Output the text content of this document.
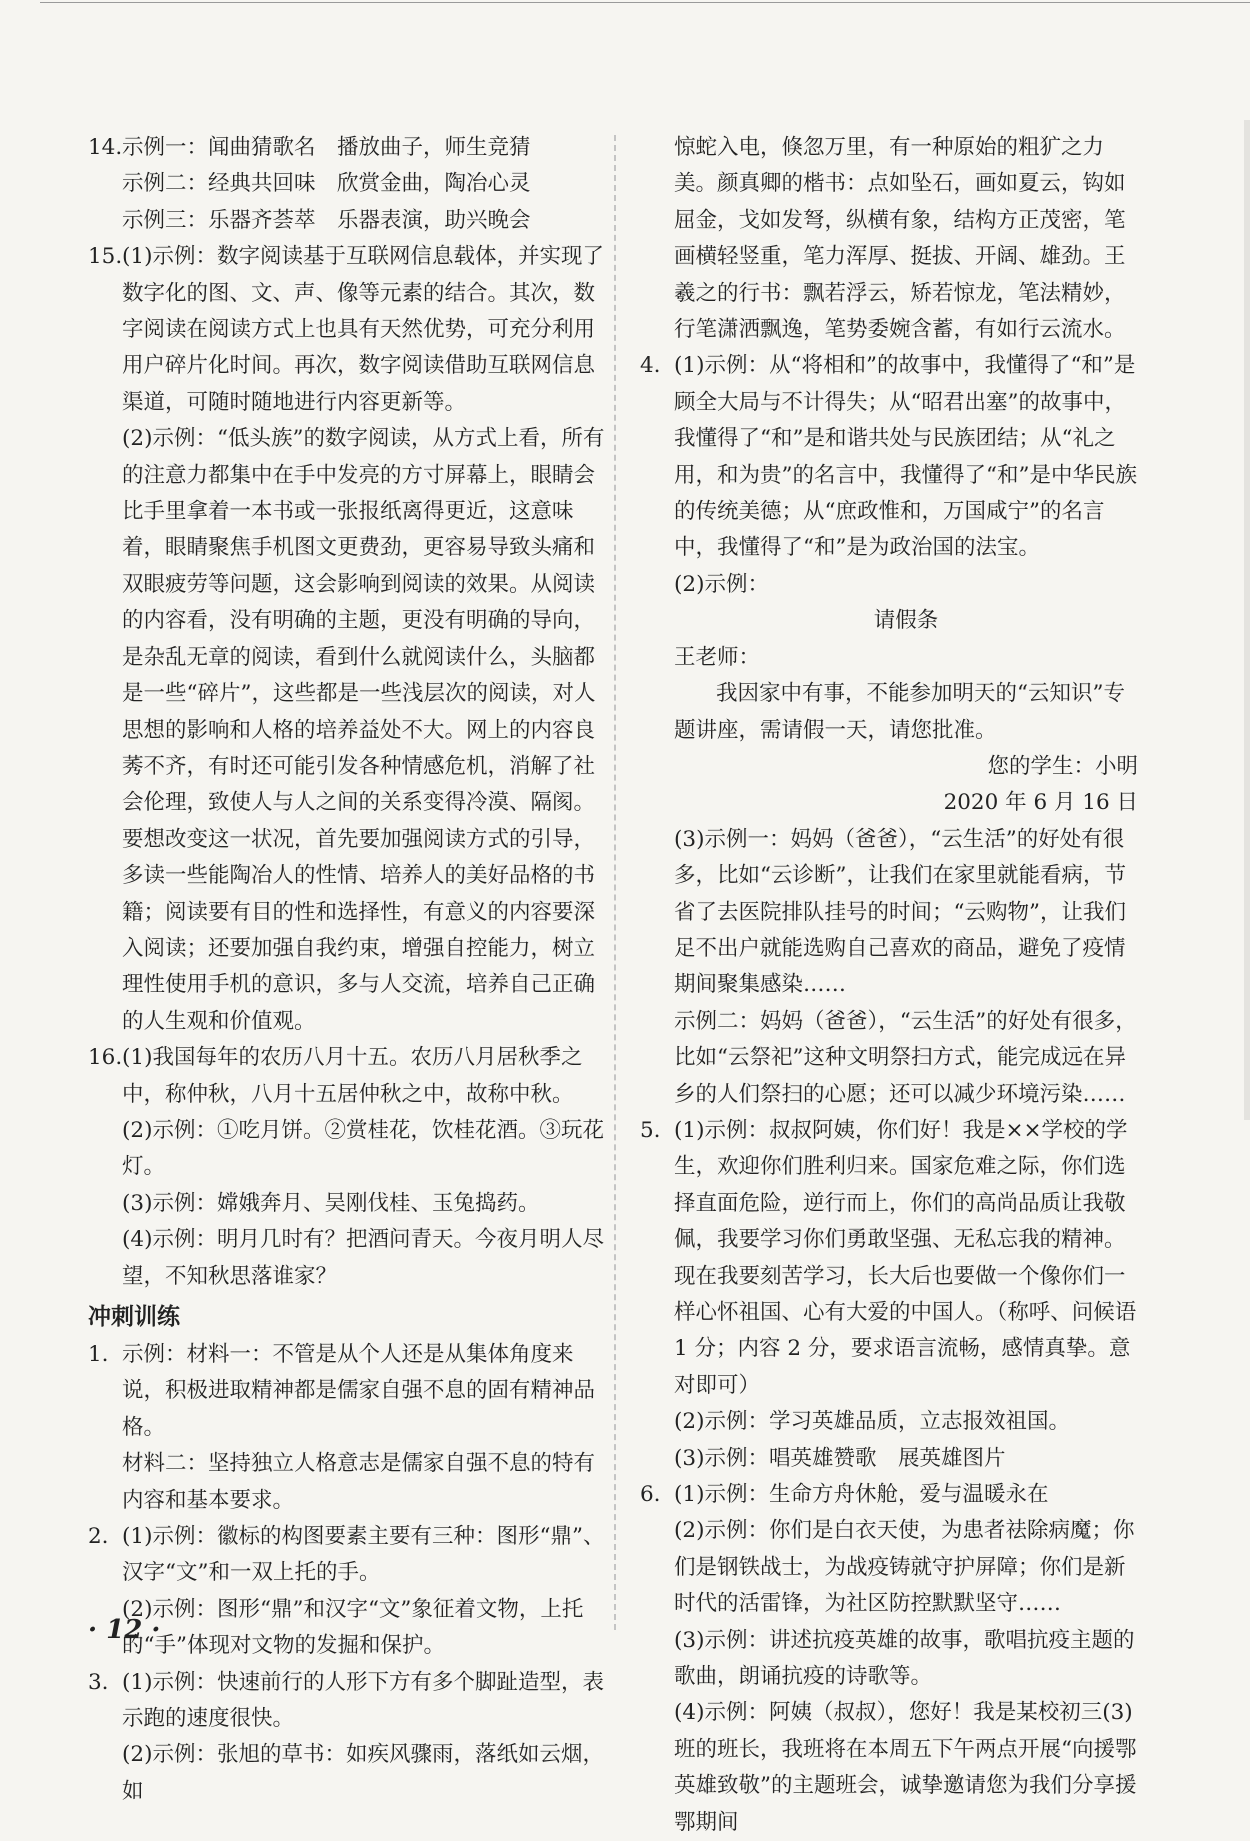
14. 示例一：闻曲猜歌名　播放曲子，师生竞猜
示例二：经典共回味　欣赏金曲，陶冶心灵
示例三：乐器齐荟萃　乐器表演，助兴晚会
15. (1)示例：数字阅读基于互联网信息载体，并实现了
数字化的图、文、声、像等元素的结合。其次，数字阅读在阅读方式上也具有天然优势，可充分利用用户碎片化时间。再次，数字阅读借助互联网信息渠道，可随时随地进行内容更新等。
(2)示例：“低头族”的数字阅读，从方式上看，所有的注意力都集中在手中发亮的方寸屏幕上，眼睛会比手里拿着一本书或一张报纸离得更近，这意味着，眼睛聚焦手机图文更费劲，更容易导致头痛和双眼疲劳等问题，这会影响到阅读的效果。从阅读的内容看，没有明确的主题，更没有明确的导向，是杂乱无章的阅读，看到什么就阅读什么，头脑都是一些“碎片”，这些都是一些浅层次的阅读，对人思想的影响和人格的培养益处不大。网上的内容良莠不齐，有时还可能引发各种情感危机，消解了社会伦理，致使人与人之间的关系变得冷漠、隔阂。要想改变这一状况，首先要加强阅读方式的引导，多读一些能陶冶人的性情、培养人的美好品格的书籍；阅读要有目的性和选择性，有意义的内容要深入阅读；还要加强自我约束，增强自控能力，树立理性使用手机的意识，多与人交流，培养自己正确的人生观和价值观。
16. (1)我国每年的农历八月十五。农历八月居秋季之
中，称仲秋，八月十五居仲秋之中，故称中秋。
(2)示例：①吃月饼。②赏桂花，饮桂花酒。③玩花灯。
(3)示例：嫦娥奔月、吴刚伐桂、玉兔捣药。
(4)示例：明月几时有？把酒问青天。今夜月明人尽望，不知秋思落谁家？
冲刺训练
1. 示例：材料一：不管是从个人还是从集体角度来说，积极进取精神都是儒家自强不息的固有精神品格。
材料二：坚持独立人格意志是儒家自强不息的特有内容和基本要求。
2. (1)示例：徽标的构图要素主要有三种：图形“鼎”、汉字“文”和一双上托的手。
(2)示例：图形“鼎”和汉字“文”象征着文物，上托的“手”体现对文物的发掘和保护。
3. (1)示例：快速前行的人形下方有多个脚趾造型，表示跑的速度很快。
(2)示例：张旭的草书：如疾风骤雨，落纸如云烟，如
惊蛇入电，倏忽万里，有一种原始的粗犷之力美。颜真卿的楷书：点如坠石，画如夏云，钩如屈金，戈如发弩，纵横有象，结构方正茂密，笔画横轻竖重，笔力浑厚、挺拔、开阔、雄劲。王羲之的行书：飘若浮云，矫若惊龙，笔法精妙，行笔潇洒飘逸，笔势委婉含蓄，有如行云流水。
4. (1)示例：从“将相和”的故事中，我懂得了“和”是顾全大局与不计得失；从“昭君出塞”的故事中，我懂得了“和”是和谐共处与民族团结；从“礼之用，和为贵”的名言中，我懂得了“和”是中华民族的传统美德；从“庶政惟和，万国咸宁”的名言中，我懂得了“和”是为政治国的法宝。
(2)示例：
请假条
王老师：
我因家中有事，不能参加明天的“云知识”专题讲座，需请假一天，请您批准。
您的学生：小明
2020 年 6 月 16 日
(3)示例一：妈妈（爸爸），“云生活”的好处有很多，比如“云诊断”，让我们在家里就能看病，节省了去医院排队挂号的时间；“云购物”，让我们足不出户就能选购自己喜欢的商品，避免了疫情期间聚集感染……
示例二：妈妈（爸爸），“云生活”的好处有很多，比如“云祭祀”这种文明祭扫方式，能完成远在异乡的人们祭扫的心愿；还可以减少环境污染……
5. (1)示例：叔叔阿姨，你们好！我是××学校的学生，欢迎你们胜利归来。国家危难之际，你们选择直面危险，逆行而上，你们的高尚品质让我敬佩，我要学习你们勇敢坚强、无私忘我的精神。现在我要刻苦学习，长大后也要做一个像你们一样心怀祖国、心有大爱的中国人。（称呼、问候语 1 分；内容 2 分，要求语言流畅，感情真挚。意对即可）
(2)示例：学习英雄品质，立志报效祖国。
(3)示例：唱英雄赞歌　展英雄图片
6. (1)示例：生命方舟休舱，爱与温暖永在
(2)示例：你们是白衣天使，为患者祛除病魔；你们是钢铁战士，为战疫铸就守护屏障；你们是新时代的活雷锋，为社区防控默默坚守……
(3)示例：讲述抗疫英雄的故事，歌唱抗疫主题的歌曲，朗诵抗疫的诗歌等。
(4)示例：阿姨（叔叔），您好！我是某校初三(3)班的班长，我班将在本周五下午两点开展“向援鄂英雄致敬”的主题班会，诚挚邀请您为我们分享援鄂期间
· 12 ·
